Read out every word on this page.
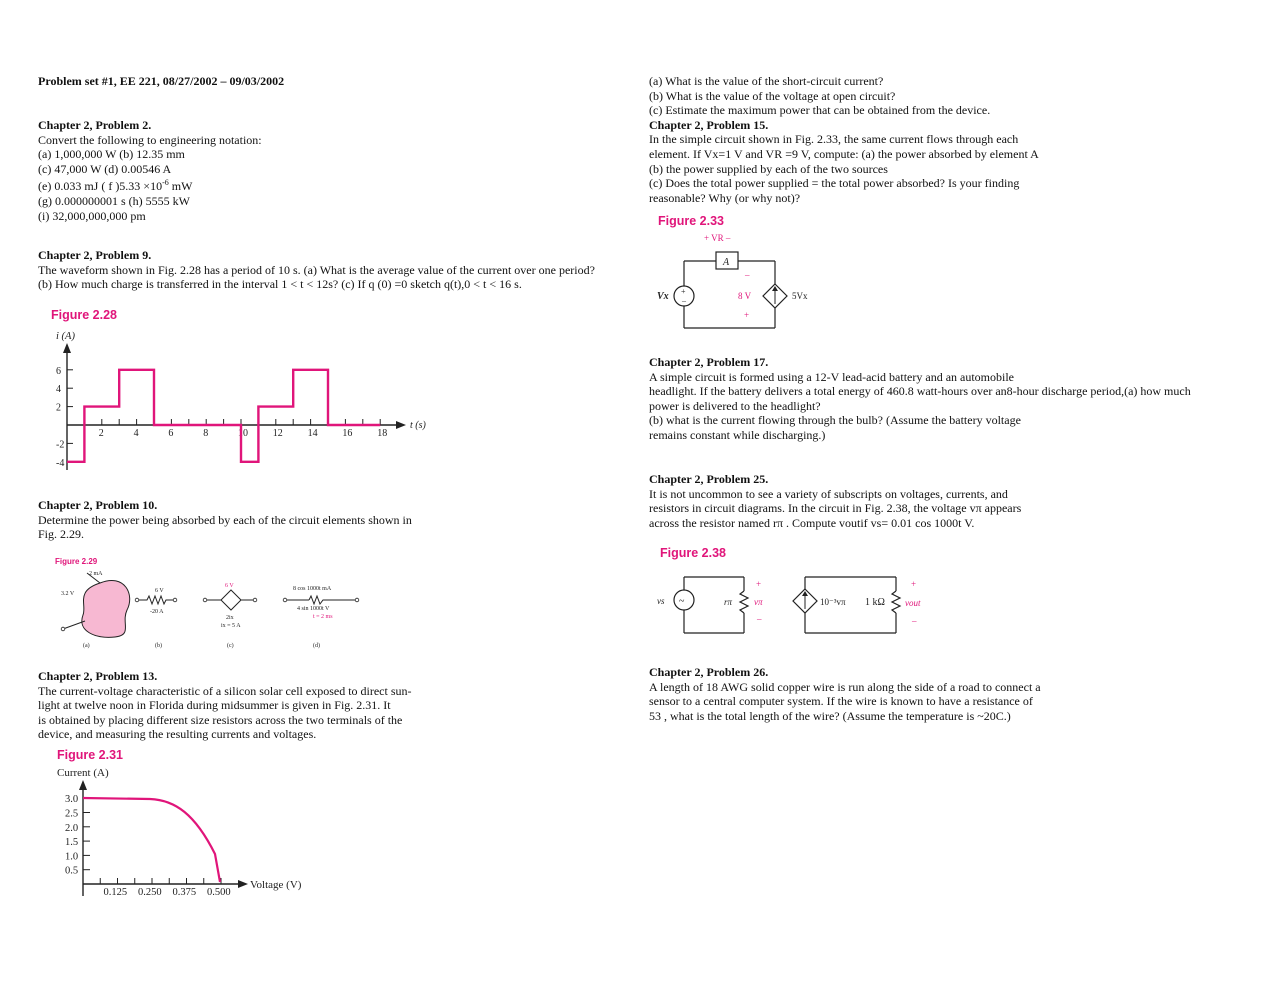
Problem set #1, EE 221, 08/27/2002 – 09/03/2002

Chapter 2, Problem 2.

Convert the following to engineering notation:

(a) 1,000,000 W (b) 12.35 mm

(c) 47,000 W (d) 0.00546 A

(e) 0.033 mJ ( f )$5.33 \times 10^{-6}$ mW

(g) 0.000000001 s (h) 5555 kW

(i) 32,000,000,000 pm

Chapter 2, Problem 9.

The waveform shown in Fig. 2.28 has a period of 10 s. (a) What is the average value of the current over one period?

(b) How much charge is transferred in the interval 1 < t < 12s? (c) If q (0) =0 sketch q(t),0 < t < 16 s.

Figure 2.28
i (A)
t (s)
2	4	6	8	10 12 14 16 18
6
4
2
-2
-4

Chapter 2, Problem 10.

Determine the power being absorbed by each of the circuit elements shown in

Fig. 2.29.

Figure 2.29
2 mA
3.2 V
(a)
6 V
-20 A
(b)
6 V
2ix
ix = 5 A
(c)
8 cos 1000t mA
4 sin 1000t V
t = 2 ms
(d)

Chapter 2, Problem 13.

The current-voltage characteristic of a silicon solar cell exposed to direct sun-

light at twelve noon in Florida during midsummer is given in Fig. 2.31. It

is obtained by placing different size resistors across the two terminals of the

device, and measuring the resulting currents and voltages.

Figure 2.31
Current (A)
Voltage (V)
3.0
2.5
2.0
1.5
1.0
0.5
0.125 0.250 0.375 0.500

(a) What is the value of the short-circuit current?

(b) What is the value of the voltage at open circuit?

(c) Estimate the maximum power that can be obtained from the device.

Chapter 2, Problem 15.

In the simple circuit shown in Fig. 2.33, the same current flows through each

element. If Vx=1 V and VR =9 V, compute: (a) the power absorbed by element A

(b) the power supplied by each of the two sources

(c) Does the total power supplied = the total power absorbed? Is your finding

reasonable? Why (or why not)?

Figure 2.33
+ VR –
A
+
–
Vx
–
8 V
+
5Vx

Chapter 2, Problem 17.

A simple circuit is formed using a 12-V lead-acid battery and an automobile

headlight. If the battery delivers a total energy of 460.8 watt-hours over an8-hour discharge period,(a) how much

power is delivered to the headlight?

(b) what is the current flowing through the bulb? (Assume the battery voltage

remains constant while discharging.)

Chapter 2, Problem 25.

It is not uncommon to see a variety of subscripts on voltages, currents, and

resistors in circuit diagrams. In the circuit in Fig. 2.38, the voltage vπ appears

across the resistor named rπ . Compute voutif vs= 0.01 cos 1000t V.

Figure 2.38
~
vs	rπ
+
vπ
–
10⁻³vπ 1 kΩ
+
vout
–

Chapter 2, Problem 26.

A length of 18 AWG solid copper wire is run along the side of a road to connect a

sensor to a central computer system. If the wire is known to have a resistance of

53 , what is the total length of the wire? (Assume the temperature is ~20C.)
